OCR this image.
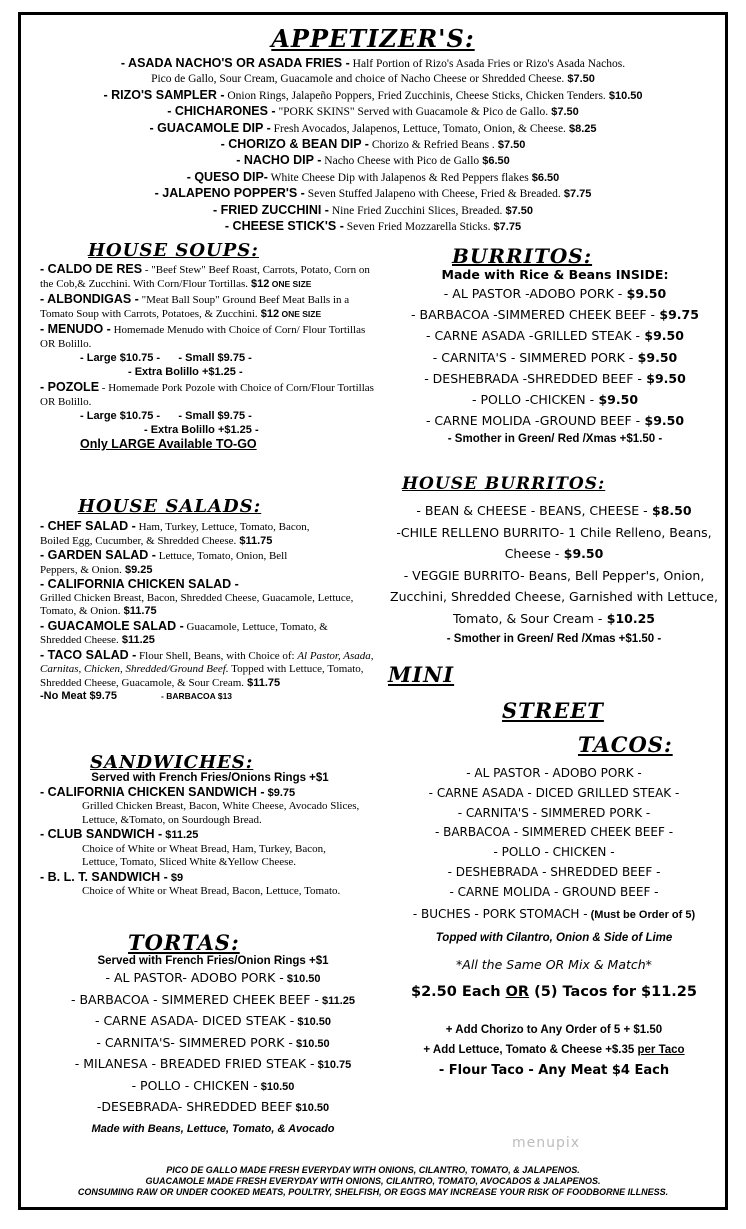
APPETIZER'S:
- ASADA NACHO'S OR ASADA FRIES - Half Portion of Rizo's Asada Fries or Rizo's Asada Nachos.
Pico de Gallo, Sour Cream, Guacamole and choice of Nacho Cheese or Shredded Cheese. $7.50
- RIZO'S SAMPLER - Onion Rings, Jalapeño Poppers, Fried Zucchinis, Cheese Sticks, Chicken Tenders. $10.50
- CHICHARONES - "PORK SKINS" Served with Guacamole & Pico de Gallo. $7.50
- GUACAMOLE DIP - Fresh Avocados, Jalapenos, Lettuce, Tomato, Onion, & Cheese. $8.25
- CHORIZO & BEAN DIP - Chorizo & Refried Beans . $7.50
- NACHO DIP - Nacho Cheese with Pico de Gallo $6.50
- QUESO DIP- White Cheese Dip with Jalapenos & Red Peppers flakes $6.50
- JALAPENO POPPER'S - Seven Stuffed Jalapeno with Cheese, Fried & Breaded. $7.75
- FRIED ZUCCHINI - Nine Fried Zucchini Slices, Breaded. $7.50
- CHEESE STICK'S - Seven Fried Mozzarella Sticks. $7.75
HOUSE SOUPS:
- CALDO DE RES - "Beef Stew" Beef Roast, Carrots, Potato, Corn on the Cob,& Zucchini. With Corn/Flour Tortillas. $12 ONE SIZE
- ALBONDIGAS - "Meat Ball Soup" Ground Beef Meat Balls in a Tomato Soup with Carrots, Potatoes, & Zucchini. $12 ONE SIZE
- MENUDO - Homemade Menudo with Choice of Corn/ Flour Tortillas OR Bolillo.
- Large $10.75 -      - Small $9.75 -
- Extra Bolillo +$1.25 -
- POZOLE - Homemade Pork Pozole with Choice of Corn/Flour Tortillas OR Bolillo.
- Large $10.75 -      - Small $9.75 -
- Extra Bolillo +$1.25 -
Only LARGE Available TO-GO
HOUSE SALADS:
- CHEF SALAD - Ham, Turkey, Lettuce, Tomato, Bacon, Boiled Egg, Cucumber, & Shredded Cheese. $11.75
- GARDEN SALAD - Lettuce, Tomato, Onion, Bell Peppers, & Onion. $9.25
- CALIFORNIA CHICKEN SALAD -
Grilled Chicken Breast, Bacon, Shredded Cheese, Guacamole, Lettuce, Tomato, & Onion. $11.75
- GUACAMOLE SALAD - Guacamole, Lettuce, Tomato, & Shredded Cheese. $11.25
- TACO SALAD - Flour Shell, Beans, with Choice of: Al Pastor, Asada, Carnitas, Chicken, Shredded/Ground Beef. Topped with Lettuce, Tomato, Shredded Cheese, Guacamole, & Sour Cream. $11.75
-No Meat $9.75	- BARBACOA $13
SANDWICHES:
Served with French Fries/Onions Rings +$1
- CALIFORNIA CHICKEN SANDWICH - $9.75
Grilled Chicken Breast, Bacon, White Cheese, Avocado Slices, Lettuce, &Tomato, on Sourdough Bread.
- CLUB SANDWICH - $11.25
Choice of White or Wheat Bread, Ham, Turkey, Bacon, Lettuce, Tomato, Sliced White &Yellow Cheese.
- B. L. T. SANDWICH - $9
Choice of White or Wheat Bread, Bacon, Lettuce, Tomato.
TORTAS:
Served with French Fries/Onion Rings +$1
- AL PASTOR- ADOBO PORK - $10.50
- BARBACOA - SIMMERED CHEEK BEEF - $11.25
- CARNE ASADA- DICED STEAK - $10.50
- CARNITA'S- SIMMERED PORK - $10.50
- MILANESA - BREADED FRIED STEAK - $10.75
- POLLO - CHICKEN - $10.50
-DESEBRADA- SHREDDED BEEF $10.50
Made with Beans, Lettuce, Tomato, & Avocado
BURRITOS:
Made with Rice & Beans INSIDE:
- AL PASTOR -ADOBO PORK - $9.50
- BARBACOA -SIMMERED CHEEK BEEF - $9.75
- CARNE ASADA -GRILLED STEAK - $9.50
- CARNITA'S - SIMMERED PORK - $9.50
- DESHEBRADA -SHREDDED BEEF - $9.50
- POLLO -CHICKEN - $9.50
- CARNE MOLIDA -GROUND BEEF - $9.50
- Smother in Green/ Red /Xmas +$1.50 -
HOUSE BURRITOS:
- BEAN & CHEESE - BEANS, CHEESE - $8.50
-CHILE RELLENO BURRITO- 1 Chile Relleno, Beans, Cheese - $9.50
- VEGGIE BURRITO- Beans, Bell Pepper's, Onion, Zucchini, Shredded Cheese, Garnished with Lettuce, Tomato, & Sour Cream - $10.25
- Smother in Green/ Red /Xmas +$1.50 -
MINI
STREET
TACOS:
- AL PASTOR - ADOBO PORK -
- CARNE ASADA - DICED GRILLED STEAK -
- CARNITA'S - SIMMERED PORK -
- BARBACOA - SIMMERED CHEEK BEEF -
- POLLO - CHICKEN -
- DESHEBRADA - SHREDDED BEEF -
- CARNE MOLIDA - GROUND BEEF -
- BUCHES - PORK STOMACH - (Must be Order of 5)
Topped with Cilantro, Onion & Side of Lime
*All the Same OR Mix & Match*
$2.50 Each OR (5) Tacos for $11.25
+ Add Chorizo to Any Order of 5 + $1.50
+ Add Lettuce, Tomato & Cheese +$.35 per Taco
- Flour Taco - Any Meat $4 Each
menupix
PICO DE GALLO MADE FRESH EVERYDAY WITH ONIONS, CILANTRO, TOMATO, & JALAPENOS.
GUACAMOLE MADE FRESH EVERYDAY WITH ONIONS, CILANTRO, TOMATO, AVOCADOS & JALAPENOS.
CONSUMING RAW OR UNDER COOKED MEATS, POULTRY, SHELFISH, OR EGGS MAY INCREASE YOUR RISK OF FOODBORNE ILLNESS.
